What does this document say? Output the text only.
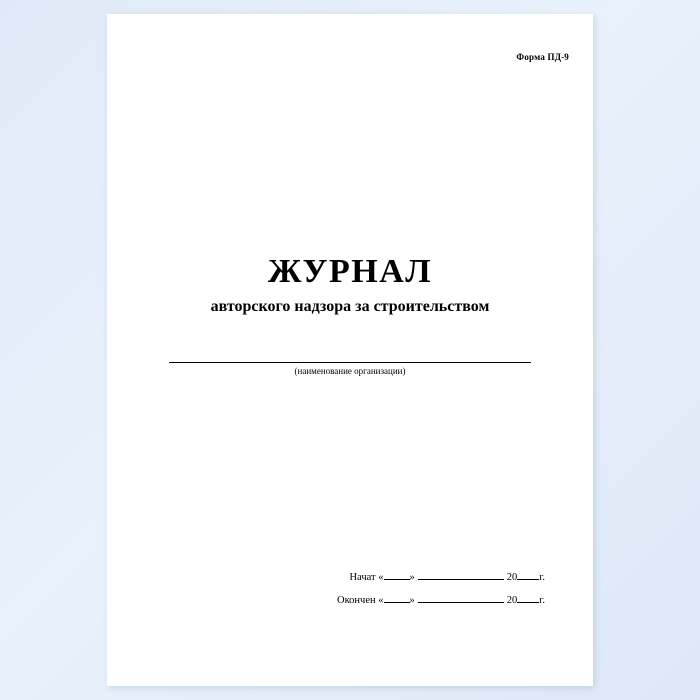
Форма ПД-9
ЖУРНАЛ
авторского надзора за строительством
(наименование организации)
Начат « »	20 г.
Окончен « »	20 г.
